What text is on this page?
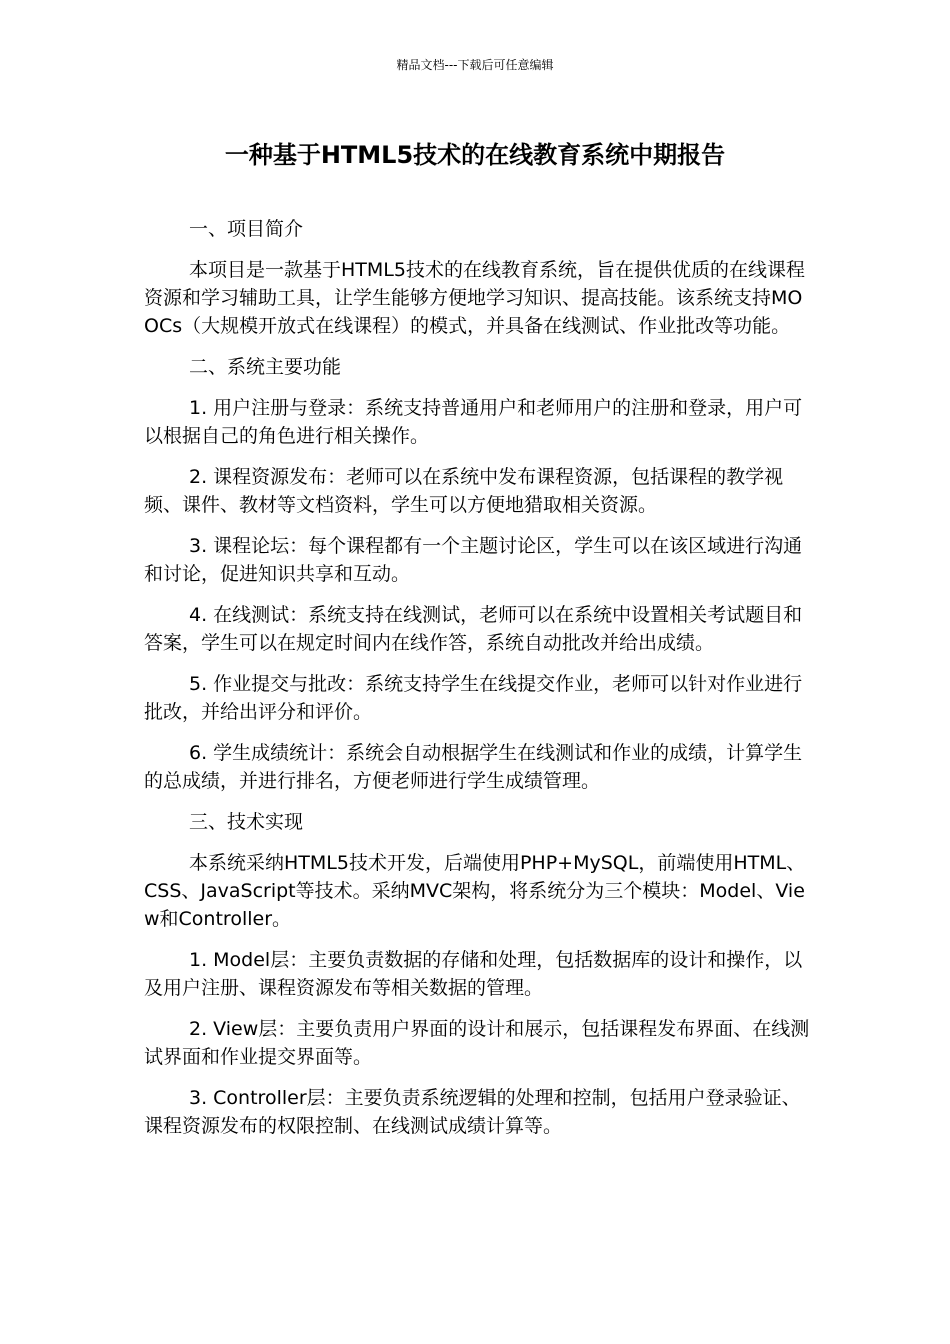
精品文档---下载后可任意编辑
一种基于HTML5技术的在线教育系统中期报告

一、项目简介

本项目是一款基于HTML5技术的在线教育系统，旨在提供优质的在线课程资源和学习辅助工具，让学生能够方便地学习知识、提高技能。该系统支持MOOCs（大规模开放式在线课程）的模式，并具备在线测试、作业批改等功能。

二、系统主要功能

1. 用户注册与登录：系统支持普通用户和老师用户的注册和登录，用户可以根据自己的角色进行相关操作。

2. 课程资源发布：老师可以在系统中发布课程资源，包括课程的教学视频、课件、教材等文档资料，学生可以方便地猎取相关资源。

3. 课程论坛：每个课程都有一个主题讨论区，学生可以在该区域进行沟通和讨论，促进知识共享和互动。

4. 在线测试：系统支持在线测试，老师可以在系统中设置相关考试题目和答案，学生可以在规定时间内在线作答，系统自动批改并给出成绩。

5. 作业提交与批改：系统支持学生在线提交作业，老师可以针对作业进行批改，并给出评分和评价。

6. 学生成绩统计：系统会自动根据学生在线测试和作业的成绩，计算学生的总成绩，并进行排名，方便老师进行学生成绩管理。

三、技术实现

本系统采纳HTML5技术开发，后端使用PHP+MySQL，前端使用HTML、CSS、JavaScript等技术。采纳MVC架构，将系统分为三个模块：Model、View和Controller。

1. Model层：主要负责数据的存储和处理，包括数据库的设计和操作，以及用户注册、课程资源发布等相关数据的管理。

2. View层：主要负责用户界面的设计和展示，包括课程发布界面、在线测试界面和作业提交界面等。

3. Controller层：主要负责系统逻辑的处理和控制，包括用户登录验证、课程资源发布的权限控制、在线测试成绩计算等。
